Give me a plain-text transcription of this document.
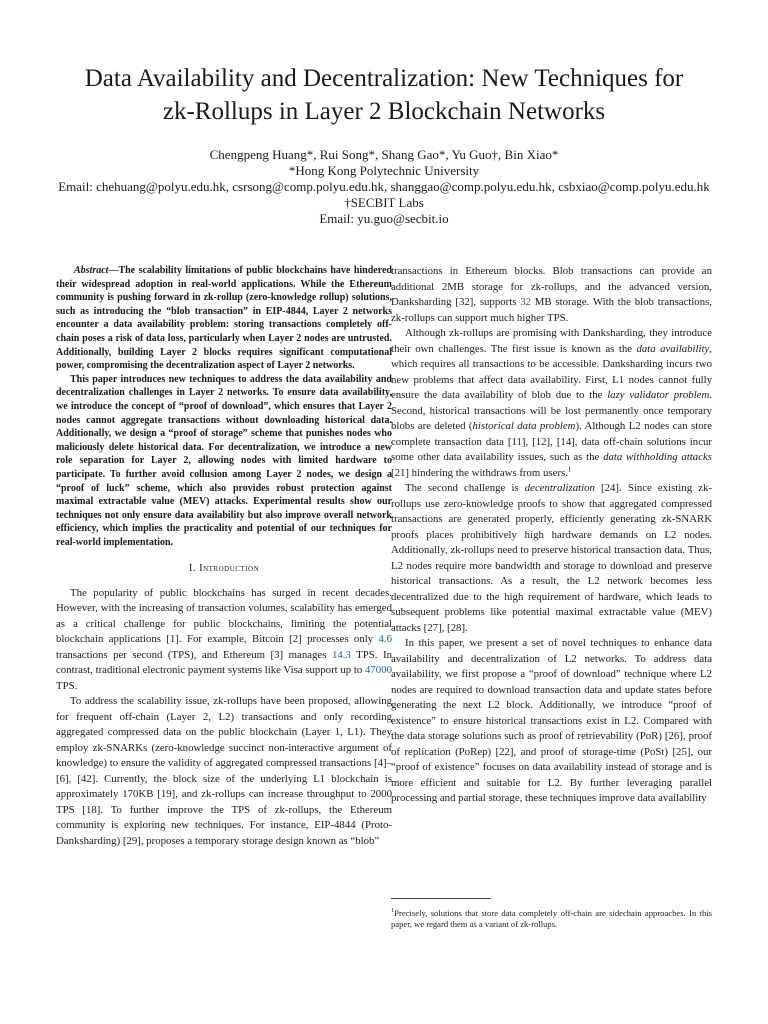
Data Availability and Decentralization: New Techniques for
zk-Rollups in Layer 2 Blockchain Networks
Chengpeng Huang*, Rui Song*, Shang Gao*, Yu Guo†, Bin Xiao*
*Hong Kong Polytechnic University
Email: chehuang@polyu.edu.hk, csrsong@comp.polyu.edu.hk, shanggao@comp.polyu.edu.hk, csbxiao@comp.polyu.edu.hk
†SECBIT Labs
Email: yu.guo@secbit.io

Abstract—The scalability limitations of public blockchains have hindered their widespread adoption in real-world applications. While the Ethereum community is pushing forward in zk-rollup (zero-knowledge rollup) solutions, such as introducing the “blob transaction” in EIP-4844, Layer 2 networks encounter a data availability problem: storing transactions completely off-chain poses a risk of data loss, particularly when Layer 2 nodes are untrusted. Additionally, building Layer 2 blocks requires significant computational power, compromising the decentralization aspect of Layer 2 networks.

This paper introduces new techniques to address the data availability and decentralization challenges in Layer 2 networks. To ensure data availability, we introduce the concept of “proof of download”, which ensures that Layer 2 nodes cannot aggregate transactions without downloading historical data. Additionally, we design a “proof of storage” scheme that punishes nodes who maliciously delete historical data. For decentralization, we introduce a new role separation for Layer 2, allowing nodes with limited hardware to participate. To further avoid collusion among Layer 2 nodes, we design a “proof of luck” scheme, which also provides robust protection against maximal extractable value (MEV) attacks. Experimental results show our techniques not only ensure data availability but also improve overall network efficiency, which implies the practicality and potential of our techniques for real-world implementation.

I. Introduction

The popularity of public blockchains has surged in recent decades. However, with the increasing of transaction volumes, scalability has emerged as a critical challenge for public blockchains, limiting the potential blockchain applications [1]. For example, Bitcoin [2] processes only 4.6 transactions per second (TPS), and Ethereum [3] manages 14.3 TPS. In contrast, traditional electronic payment systems like Visa support up to 47000 TPS.

To address the scalability issue, zk-rollups have been proposed, allowing for frequent off-chain (Layer 2, L2) transactions and only recording aggregated compressed data on the public blockchain (Layer 1, L1). They employ zk-SNARKs (zero-knowledge succinct non-interactive argument of knowledge) to ensure the validity of aggregated compressed transactions [4]–[6], [42]. Currently, the block size of the underlying L1 blockchain is approximately 170KB [19], and zk-rollups can increase throughput to 2000 TPS [18]. To further improve the TPS of zk-rollups, the Ethereum community is exploring new techniques. For instance, EIP-4844 (Proto-Danksharding) [29], proposes a temporary storage design known as “blob”

transactions in Ethereum blocks. Blob transactions can provide an additional 2MB storage for zk-rollups, and the advanced version, Danksharding [32], supports 32 MB storage. With the blob transactions, zk-rollups can support much higher TPS.

Although zk-rollups are promising with Danksharding, they introduce their own challenges. The first issue is known as the data availability, which requires all transactions to be accessible. Danksharding incurs two new problems that affect data availability. First, L1 nodes cannot fully ensure the data availability of blob due to the lazy validator problem. Second, historical transactions will be lost permanently once temporary blobs are deleted (historical data problem). Although L2 nodes can store complete transaction data [11], [12], [14], data off-chain solutions incur some other data availability issues, such as the data withholding attacks [21] hindering the withdraws from users.$^1$

The second challenge is decentralization [24]. Since existing zk-rollups use zero-knowledge proofs to show that aggregated compressed transactions are generated properly, efficiently generating zk-SNARK proofs places prohibitively high hardware demands on L2 nodes. Additionally, zk-rollups need to preserve historical transaction data. Thus, L2 nodes require more bandwidth and storage to download and preserve historical transactions. As a result, the L2 network becomes less decentralized due to the high requirement of hardware, which leads to subsequent problems like potential maximal extractable value (MEV) attacks [27], [28].

In this paper, we present a set of novel techniques to enhance data availability and decentralization of L2 networks. To address data availability, we first propose a “proof of download” technique where L2 nodes are required to download transaction data and update states before generating the next L2 block. Additionally, we introduce “proof of existence” to ensure historical transactions exist in L2. Compared with the data storage solutions such as proof of retrievability (PoR) [26], proof of replication (PoRep) [22], and proof of storage-time (PoSt) [25], our “proof of existence” focuses on data availability instead of storage and is more efficient and suitable for L2. By further leveraging parallel processing and partial storage, these techniques improve data availability

$^1$Precisely, solutions that store data completely off-chain are sidechain approaches. In this paper, we regard them as a variant of zk-rollups.
